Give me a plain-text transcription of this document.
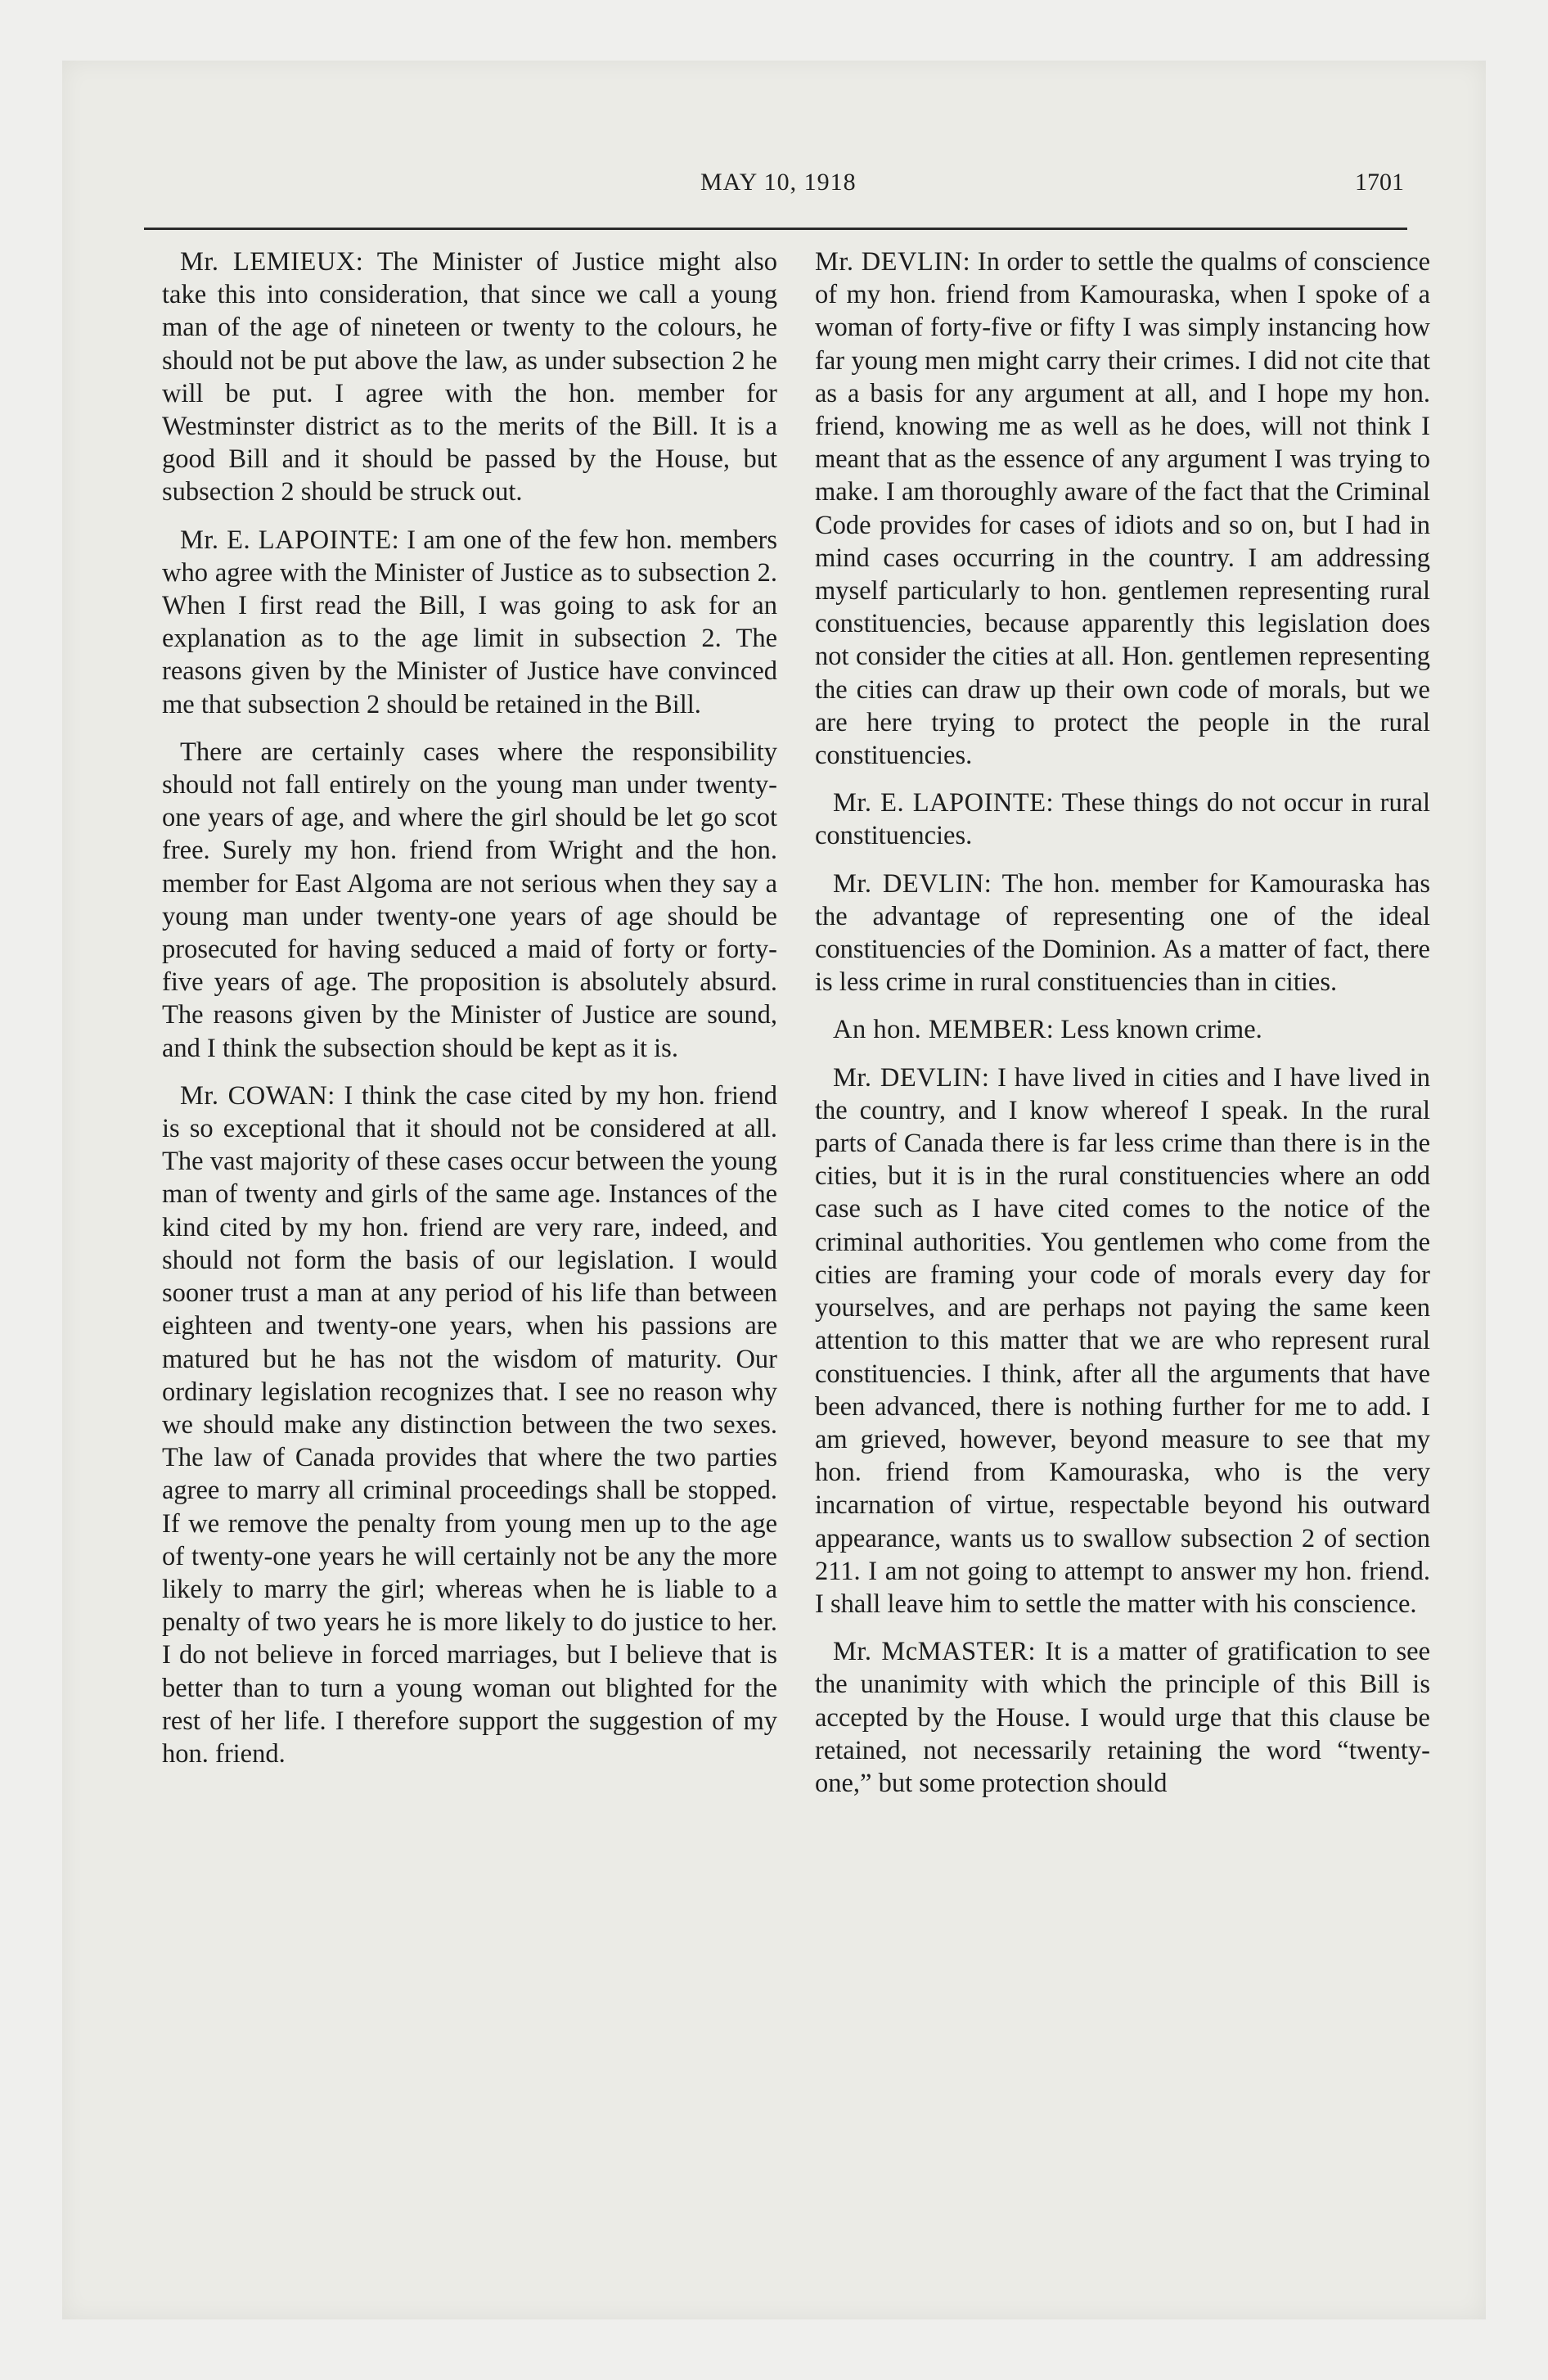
MAY 10, 1918	1701

Mr. LEMIEUX: The Minister of Justice might also take this into consideration, that since we call a young man of the age of nineteen or twenty to the colours, he should not be put above the law, as under subsection 2 he will be put. I agree with the hon. member for Westminster district as to the merits of the Bill. It is a good Bill and it should be passed by the House, but subsection 2 should be struck out.

Mr. E. LAPOINTE: I am one of the few hon. members who agree with the Minister of Justice as to subsection 2. When I first read the Bill, I was going to ask for an explanation as to the age limit in subsection 2. The reasons given by the Minister of Justice have convinced me that subsection 2 should be retained in the Bill.

There are certainly cases where the responsibility should not fall entirely on the young man under twenty-one years of age, and where the girl should be let go scot free. Surely my hon. friend from Wright and the hon. member for East Algoma are not serious when they say a young man under twenty-one years of age should be prosecuted for having seduced a maid of forty or forty-five years of age. The proposition is absolutely absurd. The reasons given by the Minister of Justice are sound, and I think the subsection should be kept as it is.

Mr. COWAN: I think the case cited by my hon. friend is so exceptional that it should not be considered at all. The vast majority of these cases occur between the young man of twenty and girls of the same age. Instances of the kind cited by my hon. friend are very rare, indeed, and should not form the basis of our legislation. I would sooner trust a man at any period of his life than between eighteen and twenty-one years, when his passions are matured but he has not the wisdom of maturity. Our ordinary legislation recognizes that. I see no reason why we should make any distinction between the two sexes. The law of Canada provides that where the two parties agree to marry all criminal proceedings shall be stopped. If we remove the penalty from young men up to the age of twenty-one years he will certainly not be any the more likely to marry the girl; whereas when he is liable to a penalty of two years he is more likely to do justice to her. I do not believe in forced marriages, but I believe that is better than to turn a young woman out blighted for the rest of her life. I therefore support the suggestion of my hon. friend.

Mr. DEVLIN: In order to settle the qualms of conscience of my hon. friend from Kamouraska, when I spoke of a woman of forty-five or fifty I was simply instancing how far young men might carry their crimes. I did not cite that as a basis for any argument at all, and I hope my hon. friend, knowing me as well as he does, will not think I meant that as the essence of any argument I was trying to make. I am thoroughly aware of the fact that the Criminal Code provides for cases of idiots and so on, but I had in mind cases occurring in the country. I am addressing myself particularly to hon. gentlemen representing rural constituencies, because apparently this legislation does not consider the cities at all. Hon. gentlemen representing the cities can draw up their own code of morals, but we are here trying to protect the people in the rural constituencies.

Mr. E. LAPOINTE: These things do not occur in rural constituencies.

Mr. DEVLIN: The hon. member for Kamouraska has the advantage of representing one of the ideal constituencies of the Dominion. As a matter of fact, there is less crime in rural constituencies than in cities.

An hon. MEMBER: Less known crime.

Mr. DEVLIN: I have lived in cities and I have lived in the country, and I know whereof I speak. In the rural parts of Canada there is far less crime than there is in the cities, but it is in the rural constituencies where an odd case such as I have cited comes to the notice of the criminal authorities. You gentlemen who come from the cities are framing your code of morals every day for yourselves, and are perhaps not paying the same keen attention to this matter that we are who represent rural constituencies. I think, after all the arguments that have been advanced, there is nothing further for me to add. I am grieved, however, beyond measure to see that my hon. friend from Kamouraska, who is the very incarnation of virtue, respectable beyond his outward appearance, wants us to swallow subsection 2 of section 211. I am not going to attempt to answer my hon. friend. I shall leave him to settle the matter with his conscience.

Mr. McMASTER: It is a matter of gratification to see the unanimity with which the principle of this Bill is accepted by the House. I would urge that this clause be retained, not necessarily retaining the word “twenty-one,” but some protection should
